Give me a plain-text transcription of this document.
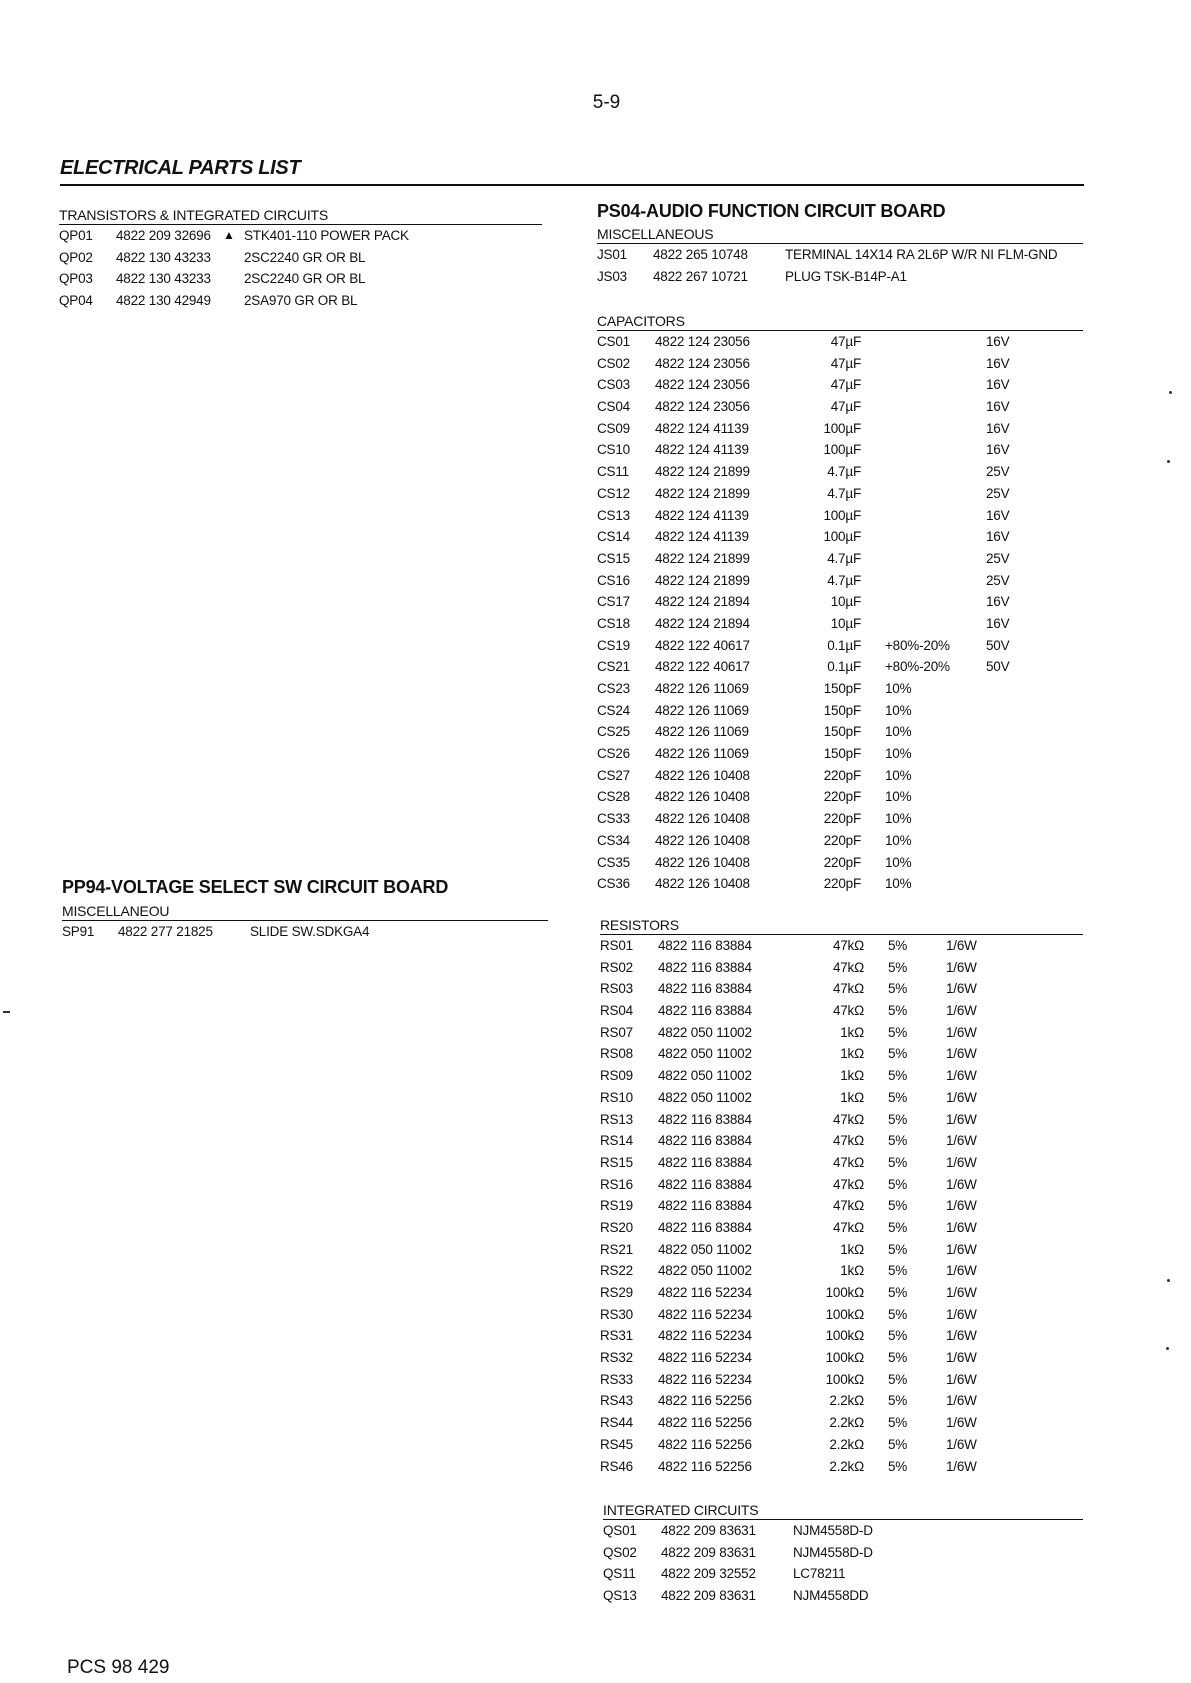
5-9
ELECTRICAL PARTS LIST
TRANSISTORS & INTEGRATED CIRCUITS
QP01 4822 209 32696 STK401-110 POWER PACK
▲
QP02 4822 130 43233 2SC2240 GR OR BL
QP03 4822 130 43233 2SC2240 GR OR BL
QP04 4822 130 42949 2SA970 GR OR BL
PP94-VOLTAGE SELECT SW CIRCUIT BOARD
MISCELLANEOU
SP91 4822 277 21825	SLIDE SW.SDKGA4
PS04-AUDIO FUNCTION CIRCUIT BOARD
MISCELLANEOUS
JS01 4822 265 10748	TERMINAL 14X14 RA 2L6P W/R NI FLM-GND
JS03 4822 267 10721	PLUG TSK-B14P-A1
CAPACITORS
CS01 4822 124 23056	47µF	16V
CS02 4822 124 23056	47µF	16V
CS03 4822 124 23056	47µF	16V
CS04 4822 124 23056	47µF	16V
CS09 4822 124 41139	100µF	16V
CS10 4822 124 41139	100µF	16V
CS11 4822 124 21899	4.7µF	25V
CS12 4822 124 21899	4.7µF	25V
CS13 4822 124 41139	100µF	16V
CS14 4822 124 41139	100µF	16V
CS15 4822 124 21899	4.7µF	25V
CS16 4822 124 21899	4.7µF	25V
CS17 4822 124 21894	10µF	16V
CS18 4822 124 21894	10µF	16V
CS19 4822 122 40617	0.1µF +80%-20%	50V
CS21 4822 122 40617	0.1µF +80%-20%	50V
CS23 4822 126 11069	150pF 10%
CS24 4822 126 11069	150pF 10%
CS25 4822 126 11069	150pF 10%
CS26 4822 126 11069	150pF 10%
CS27 4822 126 10408	220pF 10%
CS28 4822 126 10408	220pF 10%
CS33 4822 126 10408	220pF 10%
CS34 4822 126 10408	220pF 10%
CS35 4822 126 10408	220pF 10%
CS36 4822 126 10408	220pF 10%
RESISTORS
RS01 4822 116 83884	47kΩ 5%	1/6W
RS02 4822 116 83884	47kΩ 5%	1/6W
RS03 4822 116 83884	47kΩ 5%	1/6W
RS04 4822 116 83884	47kΩ 5%	1/6W
RS07 4822 050 11002	1kΩ 5%	1/6W
RS08 4822 050 11002	1kΩ 5%	1/6W
RS09 4822 050 11002	1kΩ 5%	1/6W
RS10 4822 050 11002	1kΩ 5%	1/6W
RS13 4822 116 83884	47kΩ 5%	1/6W
RS14 4822 116 83884	47kΩ 5%	1/6W
RS15 4822 116 83884	47kΩ 5%	1/6W
RS16 4822 116 83884	47kΩ 5%	1/6W
RS19 4822 116 83884	47kΩ 5%	1/6W
RS20 4822 116 83884	47kΩ 5%	1/6W
RS21 4822 050 11002	1kΩ 5%	1/6W
RS22 4822 050 11002	1kΩ 5%	1/6W
RS29 4822 116 52234	100kΩ 5%	1/6W
RS30 4822 116 52234	100kΩ 5%	1/6W
RS31 4822 116 52234	100kΩ 5%	1/6W
RS32 4822 116 52234	100kΩ 5%	1/6W
RS33 4822 116 52234	100kΩ 5%	1/6W
RS43 4822 116 52256	2.2kΩ 5%	1/6W
RS44 4822 116 52256	2.2kΩ 5%	1/6W
RS45 4822 116 52256	2.2kΩ 5%	1/6W
RS46 4822 116 52256	2.2kΩ 5%	1/6W
INTEGRATED CIRCUITS
QS01 4822 209 83631	NJM4558D-D
QS02 4822 209 83631	NJM4558D-D
QS11 4822 209 32552	LC78211
QS13 4822 209 83631	NJM4558DD
PCS 98 429
